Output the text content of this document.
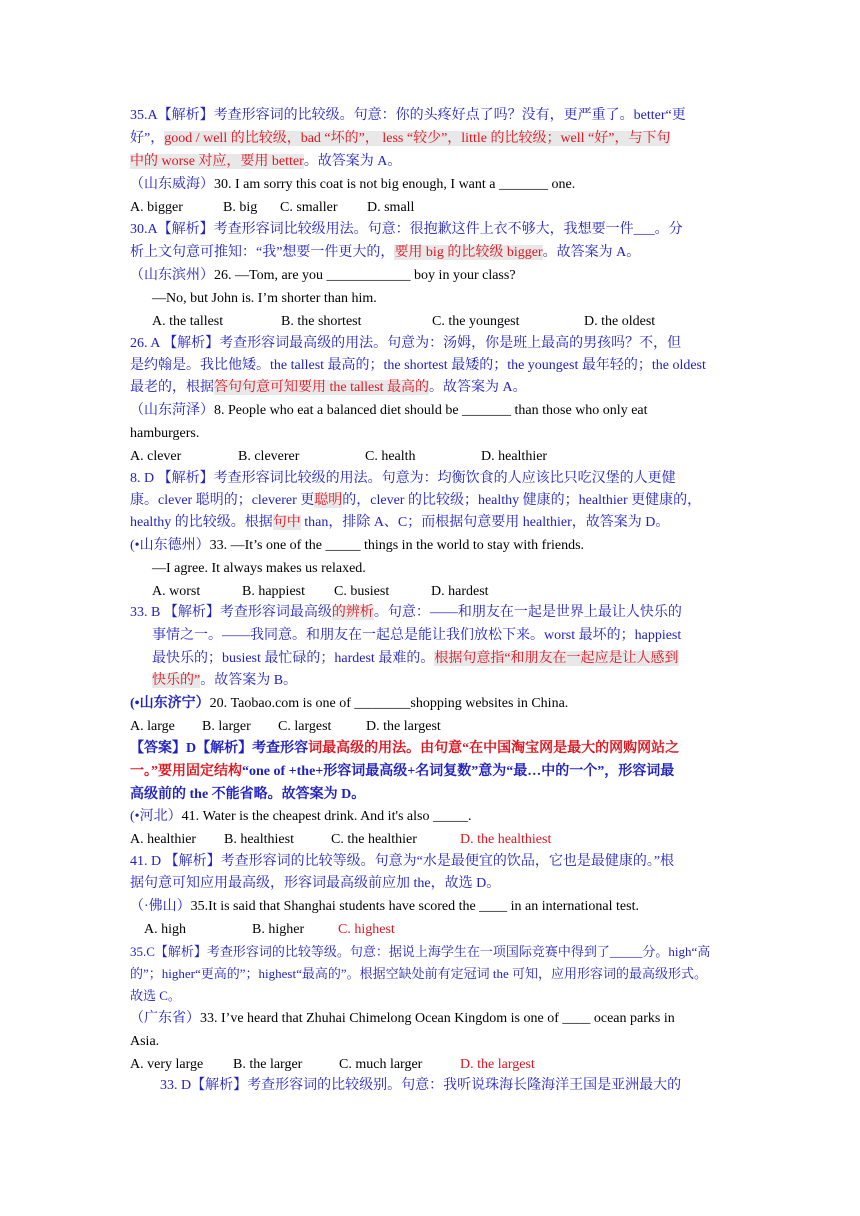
35.A【解析】考查形容词的比较级。句意：你的头疼好点了吗？没有，更严重了。better“更
好”，good / well 的比较级，bad “坏的”， less “较少”，little 的比较级；well “好”，与下句
中的 worse 对应，要用 better。故答案为 A。
（山东威海）30. I am sorry this coat is not big enough, I want a _______ one.
A. bigger	B. big C. smaller D. small
30.A【解析】考查形容词比较级用法。句意：很抱歉这件上衣不够大，我想要一件___。分
析上文句意可推知：“我”想要一件更大的，要用 big 的比较级 bigger。故答案为 A。
（山东滨州）26. —Tom, are you ____________ boy in your class?
—No, but John is. I’m shorter than him.
A. the tallest	B. the shortest	C. the youngest	D. the oldest
26. A 【解析】考查形容词最高级的用法。句意为：汤姆，你是班上最高的男孩吗？不，但
是约翰是。我比他矮。the tallest 最高的；the shortest 最矮的；the youngest 最年轻的；the oldest
最老的，根据答句句意可知要用 the tallest 最高的。故答案为 A。
（山东菏泽）8. People who eat a balanced diet should be _______ than those who only eat
hamburgers.
A. clever	B. cleverer	C. health	D. healthier
8. D 【解析】考查形容词比较级的用法。句意为：均衡饮食的人应该比只吃汉堡的人更健
康。clever 聪明的；cleverer 更聪明的，clever 的比较级；healthy 健康的；healthier 更健康的，
healthy 的比较级。根据句中 than，排除 A、C；而根据句意要用 healthier，故答案为 D。
(•山东德州）33. —It’s one of the _____ things in the world to stay with friends.
—I agree. It always makes us relaxed.
A. worst	B. happiest C. busiest	D. hardest
33. B 【解析】考查形容词最高级的辨析。句意：——和朋友在一起是世界上最让人快乐的
事情之一。——我同意。和朋友在一起总是能让我们放松下来。worst 最坏的；happiest
最快乐的；busiest 最忙碌的；hardest 最难的。根据句意指“和朋友在一起应是让人感到
快乐的”。故答案为 B。
(•山东济宁）20. Taobao.com is one of ________shopping websites in China.
A. large B. larger C. largest D. the largest
【答案】D【解析】考查形容词最高级的用法。由句意“在中国淘宝网是最大的网购网站之
一。”要用固定结构“one of +the+形容词最高级+名词复数”意为“最…中的一个”，形容词最
高级前的 the 不能省略。故答案为 D。
(•河北）41. Water is the cheapest drink. And it's also _____.
A. healthier B. healthiest	C. the healthier	D. the healthiest
41. D 【解析】考查形容词的比较等级。句意为“水是最便宜的饮品，它也是最健康的。”根
据句意可知应用最高级，形容词最高级前应加 the，故选 D。
（·佛山）35.It is said that Shanghai students have scored the ____ in an international test.
A. high	B. higher C. highest
35.C【解析】考查形容词的比较等级。句意：据说上海学生在一项国际竞赛中得到了_____分。high“高
的”；higher“更高的”；highest“最高的”。根据空缺处前有定冠词 the 可知，应用形容词的最高级形式。
故选 C。
（广东省）33. I’ve heard that Zhuhai Chimelong Ocean Kingdom is one of ____ ocean parks in
Asia.
A. very large B. the larger	C. much larger	D. the largest
33. D【解析】考查形容词的比较级别。句意：我听说珠海长隆海洋王国是亚洲最大的
